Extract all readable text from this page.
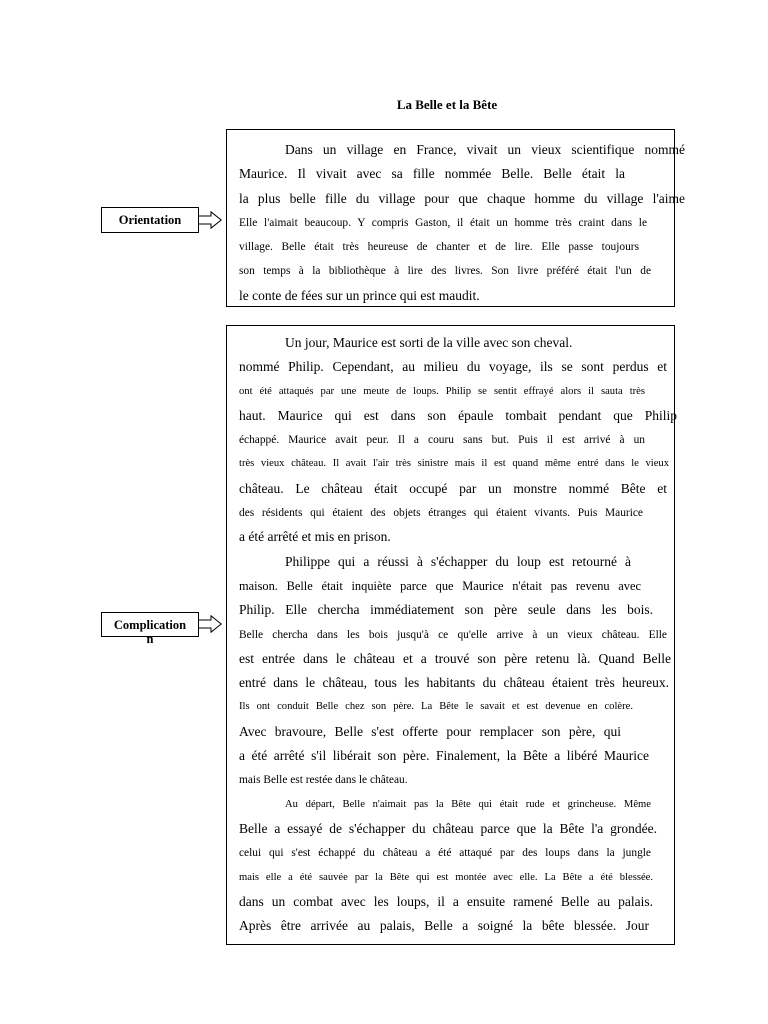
La Belle et la Bête
Orientation
Dans un village en France, vivait un vieux scientifique nommé
Maurice. Il vivait avec sa fille nommée Belle. Belle était la
la plus belle fille du village pour que chaque homme du village l'aime
Elle l'aimait beaucoup. Y compris Gaston, il était un homme très craint dans le
village. Belle était très heureuse de chanter et de lire. Elle passe toujours
son temps à la bibliothèque à lire des livres. Son livre préféré était l'un de
le conte de fées sur un prince qui est maudit.
Complication
n
Un jour, Maurice est sorti de la ville avec son cheval.
nommé Philip. Cependant, au milieu du voyage, ils se sont perdus et
ont été attaqués par une meute de loups. Philip se sentit effrayé alors il sauta très
haut. Maurice qui est dans son épaule tombait pendant que Philip
échappé. Maurice avait peur. Il a couru sans but. Puis il est arrivé à un
très vieux château. Il avait l'air très sinistre mais il est quand même entré dans le vieux
château. Le château était occupé par un monstre nommé Bête et
des résidents qui étaient des objets étranges qui étaient vivants. Puis Maurice
a été arrêté et mis en prison.
Philippe qui a réussi à s'échapper du loup est retourné à
maison. Belle était inquiète parce que Maurice n'était pas revenu avec
Philip. Elle chercha immédiatement son père seule dans les bois.
Belle chercha dans les bois jusqu'à ce qu'elle arrive à un vieux château. Elle
est entrée dans le château et a trouvé son père retenu là. Quand Belle
entré dans le château, tous les habitants du château étaient très heureux.
Ils ont conduit Belle chez son père. La Bête le savait et est devenue en colère.
Avec bravoure, Belle s'est offerte pour remplacer son père, qui
a été arrêté s'il libérait son père. Finalement, la Bête a libéré Maurice
mais Belle est restée dans le château.
Au départ, Belle n'aimait pas la Bête qui était rude et grincheuse. Même
Belle a essayé de s'échapper du château parce que la Bête l'a grondée.
celui qui s'est échappé du château a été attaqué par des loups dans la jungle
mais elle a été sauvée par la Bête qui est montée avec elle. La Bête a été blessée.
dans un combat avec les loups, il a ensuite ramené Belle au palais.
Après être arrivée au palais, Belle a soigné la bête blessée. Jour
